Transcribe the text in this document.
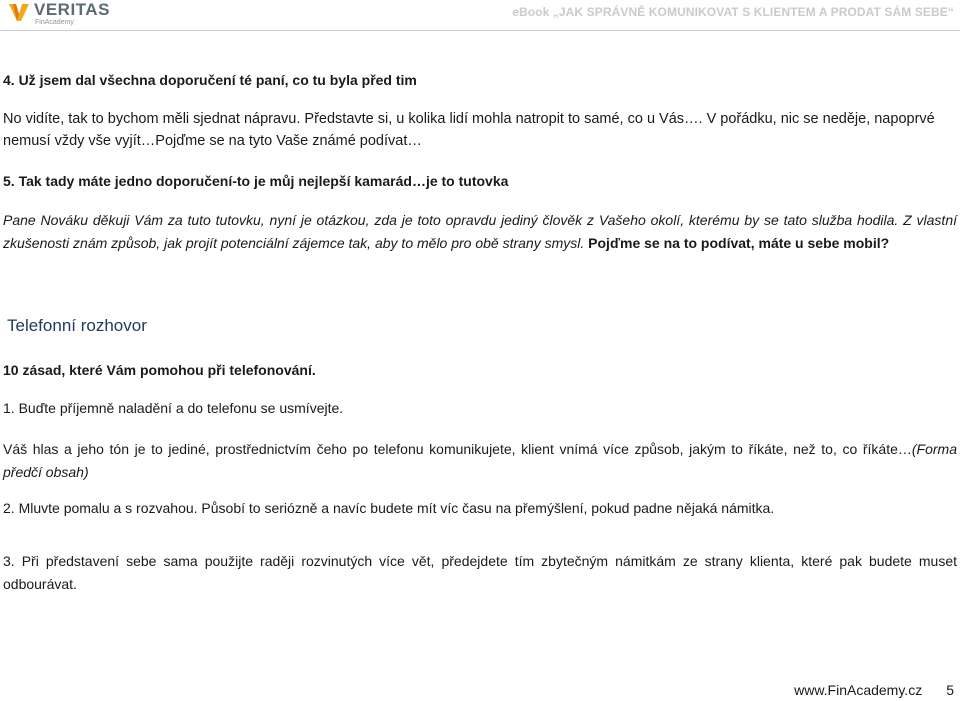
VERITAS
FinAcademy
eBook „JAK SPRÁVNĚ KOMUNIKOVAT S KLIENTEM A PRODAT SÁM SEBE“

4. Už jsem dal všechna doporučení té paní, co tu byla před tim

No vidíte, tak to bychom měli sjednat nápravu. Představte si, u kolika lidí mohla natropit to samé, co u Vás…. V pořádku, nic se neděje, napoprvé nemusí vždy vše vyjít…Pojďme se na tyto Vaše známé podívat…

5. Tak tady máte jedno doporučení-to je můj nejlepší kamarád…je to tutovka

Pane Nováku děkuji Vám za tuto tutovku, nyní je otázkou, zda je toto opravdu jediný člověk z Vašeho okolí, kterému by se tato služba hodila. Z vlastní zkušenosti znám způsob, jak projít potenciální zájemce tak, aby to mělo pro obě strany smysl. Pojďme se na to podívat, máte u sebe mobil?

Telefonní rozhovor

10 zásad, které Vám pomohou při telefonování.

1. Buďte příjemně naladění a do telefonu se usmívejte.

Váš hlas a jeho tón je to jediné, prostřednictvím čeho po telefonu komunikujete, klient vnímá více způsob, jakým to říkáte, než to, co říkáte…(Forma předčí obsah)

2. Mluvte pomalu a s rozvahou. Působí to seriózně a navíc budete mít víc času na přemýšlení, pokud padne nějaká námitka.

3. Při představení sebe sama použijte raději rozvinutých více vět, předejdete tím zbytečným námitkám ze strany klienta, které pak budete muset odbourávat.

www.FinAcademy.cz 5
